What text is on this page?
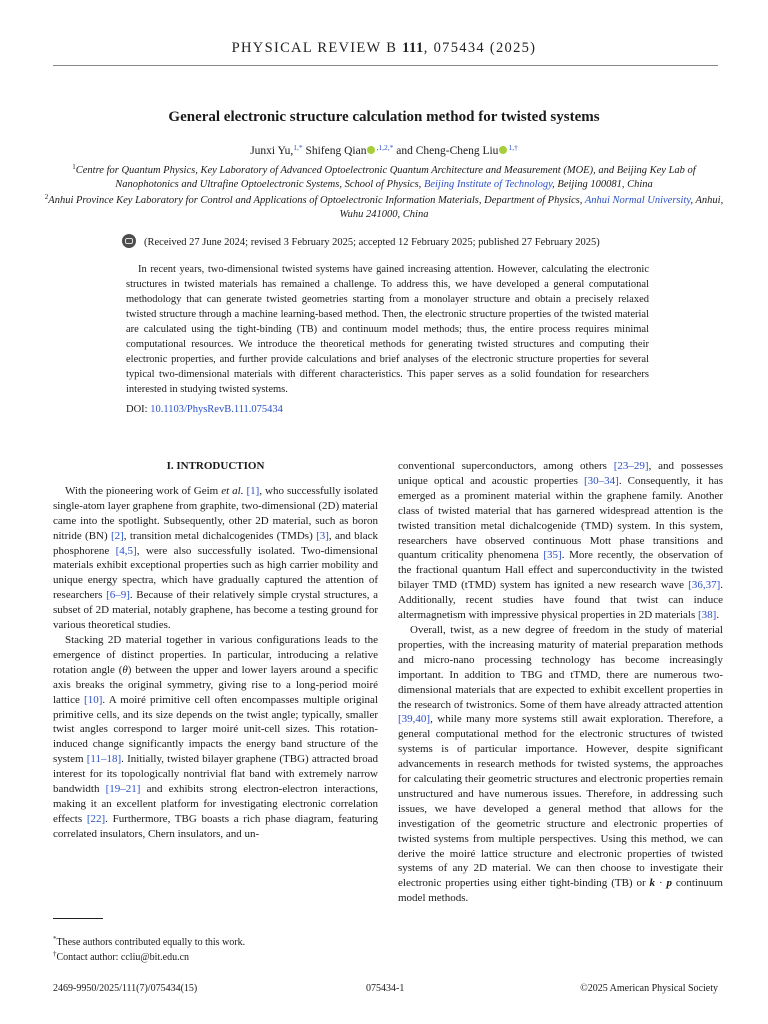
PHYSICAL REVIEW B 111, 075434 (2025)
General electronic structure calculation method for twisted systems
Junxi Yu,$^{1,*}$ Shifeng Qian $^{,1,2,*}$ and Cheng-Cheng Liu $^{1,\dagger}$
$^1$Centre for Quantum Physics, Key Laboratory of Advanced Optoelectronic Quantum Architecture and Measurement (MOE), and Beijing Key Lab of Nanophotonics and Ultrafine Optoelectronic Systems, School of Physics, Beijing Institute of Technology, Beijing 100081, China
$^2$Anhui Province Key Laboratory for Control and Applications of Optoelectronic Information Materials, Department of Physics, Anhui Normal University, Anhui, Wuhu 241000, China
(Received 27 June 2024; revised 3 February 2025; accepted 12 February 2025; published 27 February 2025)

In recent years, two-dimensional twisted systems have gained increasing attention. However, calculating the electronic structures in twisted materials has remained a challenge. To address this, we have developed a general computational methodology that can generate twisted geometries starting from a monolayer structure and obtain a precisely relaxed twisted structure through a machine learning-based method. Then, the electronic structure properties of the twisted material are calculated using the tight-binding (TB) and continuum model methods; thus, the entire process requires minimal computational resources. We introduce the theoretical methods for generating twisted structures and computing their electronic properties, and further provide calculations and brief analyses of the electronic structure properties for several typical two-dimensional materials with different characteristics. This paper serves as a solid foundation for researchers interested in studying twisted systems.

DOI: 10.1103/PhysRevB.111.075434
I. INTRODUCTION

With the pioneering work of Geim et al. [1], who successfully isolated single-atom layer graphene from graphite, two-dimensional (2D) material came into the spotlight. Subsequently, other 2D material, such as boron nitride (BN) [2], transition metal dichalcogenides (TMDs) [3], and black phosphorene [4,5], were also successfully isolated. Two-dimensional materials exhibit exceptional properties such as high carrier mobility and unique energy spectra, which have gradually captured the attention of researchers [6–9]. Because of their relatively simple crystal structures, a subset of 2D material, notably graphene, has become a testing ground for various theoretical studies.

Stacking 2D material together in various configurations leads to the emergence of distinct properties. In particular, introducing a relative rotation angle (θ) between the upper and lower layers around a specific axis breaks the original symmetry, giving rise to a long-period moiré lattice [10]. A moiré primitive cell often encompasses multiple original primitive cells, and its size depends on the twist angle; typically, smaller twist angles correspond to larger moiré unit-cell sizes. This rotation-induced change significantly impacts the energy band structure of the system [11–18]. Initially, twisted bilayer graphene (TBG) attracted broad interest for its topologically nontrivial flat band with extremely narrow bandwidth [19–21] and exhibits strong electron-electron interactions, making it an excellent platform for investigating electronic correlation effects [22]. Furthermore, TBG boasts a rich phase diagram, featuring correlated insulators, Chern insulators, and un-

conventional superconductors, among others [23–29], and possesses unique optical and acoustic properties [30–34]. Consequently, it has emerged as a prominent material within the graphene family. Another class of twisted material that has garnered widespread attention is the twisted transition metal dichalcogenide (TMD) system. In this system, researchers have observed continuous Mott phase transitions and quantum criticality phenomena [35]. More recently, the observation of the fractional quantum Hall effect and superconductivity in the twisted bilayer TMD (tTMD) system has ignited a new research wave [36,37]. Additionally, recent studies have found that twist can induce altermagnetism with impressive physical properties in 2D materials [38].

Overall, twist, as a new degree of freedom in the study of material properties, with the increasing maturity of material preparation methods and micro-nano processing technology has become increasingly important. In addition to TBG and tTMD, there are numerous two-dimensional materials that are expected to exhibit excellent properties in the research of twistronics. Some of them have already attracted attention [39,40], while many more systems still await exploration. Therefore, a general computational method for the electronic structures of twisted systems is of particular importance. However, despite significant advancements in research methods for twisted systems, the approaches for calculating their geometric structures and electronic properties remain unstructured and have numerous issues. Therefore, in addressing such issues, we have developed a general method that allows for the investigation of the geometric structure and electronic properties of twisted systems from multiple perspectives. Using this method, we can derive the moiré lattice structure and electronic properties of twisted systems of any 2D material. We can then choose to investigate their electronic properties using either tight-binding (TB) or k · p continuum model methods.

*These authors contributed equally to this work.
†Contact author: ccliu@bit.edu.cn
2469-9950/2025/111(7)/075434(15)	075434-1	©2025 American Physical Society
